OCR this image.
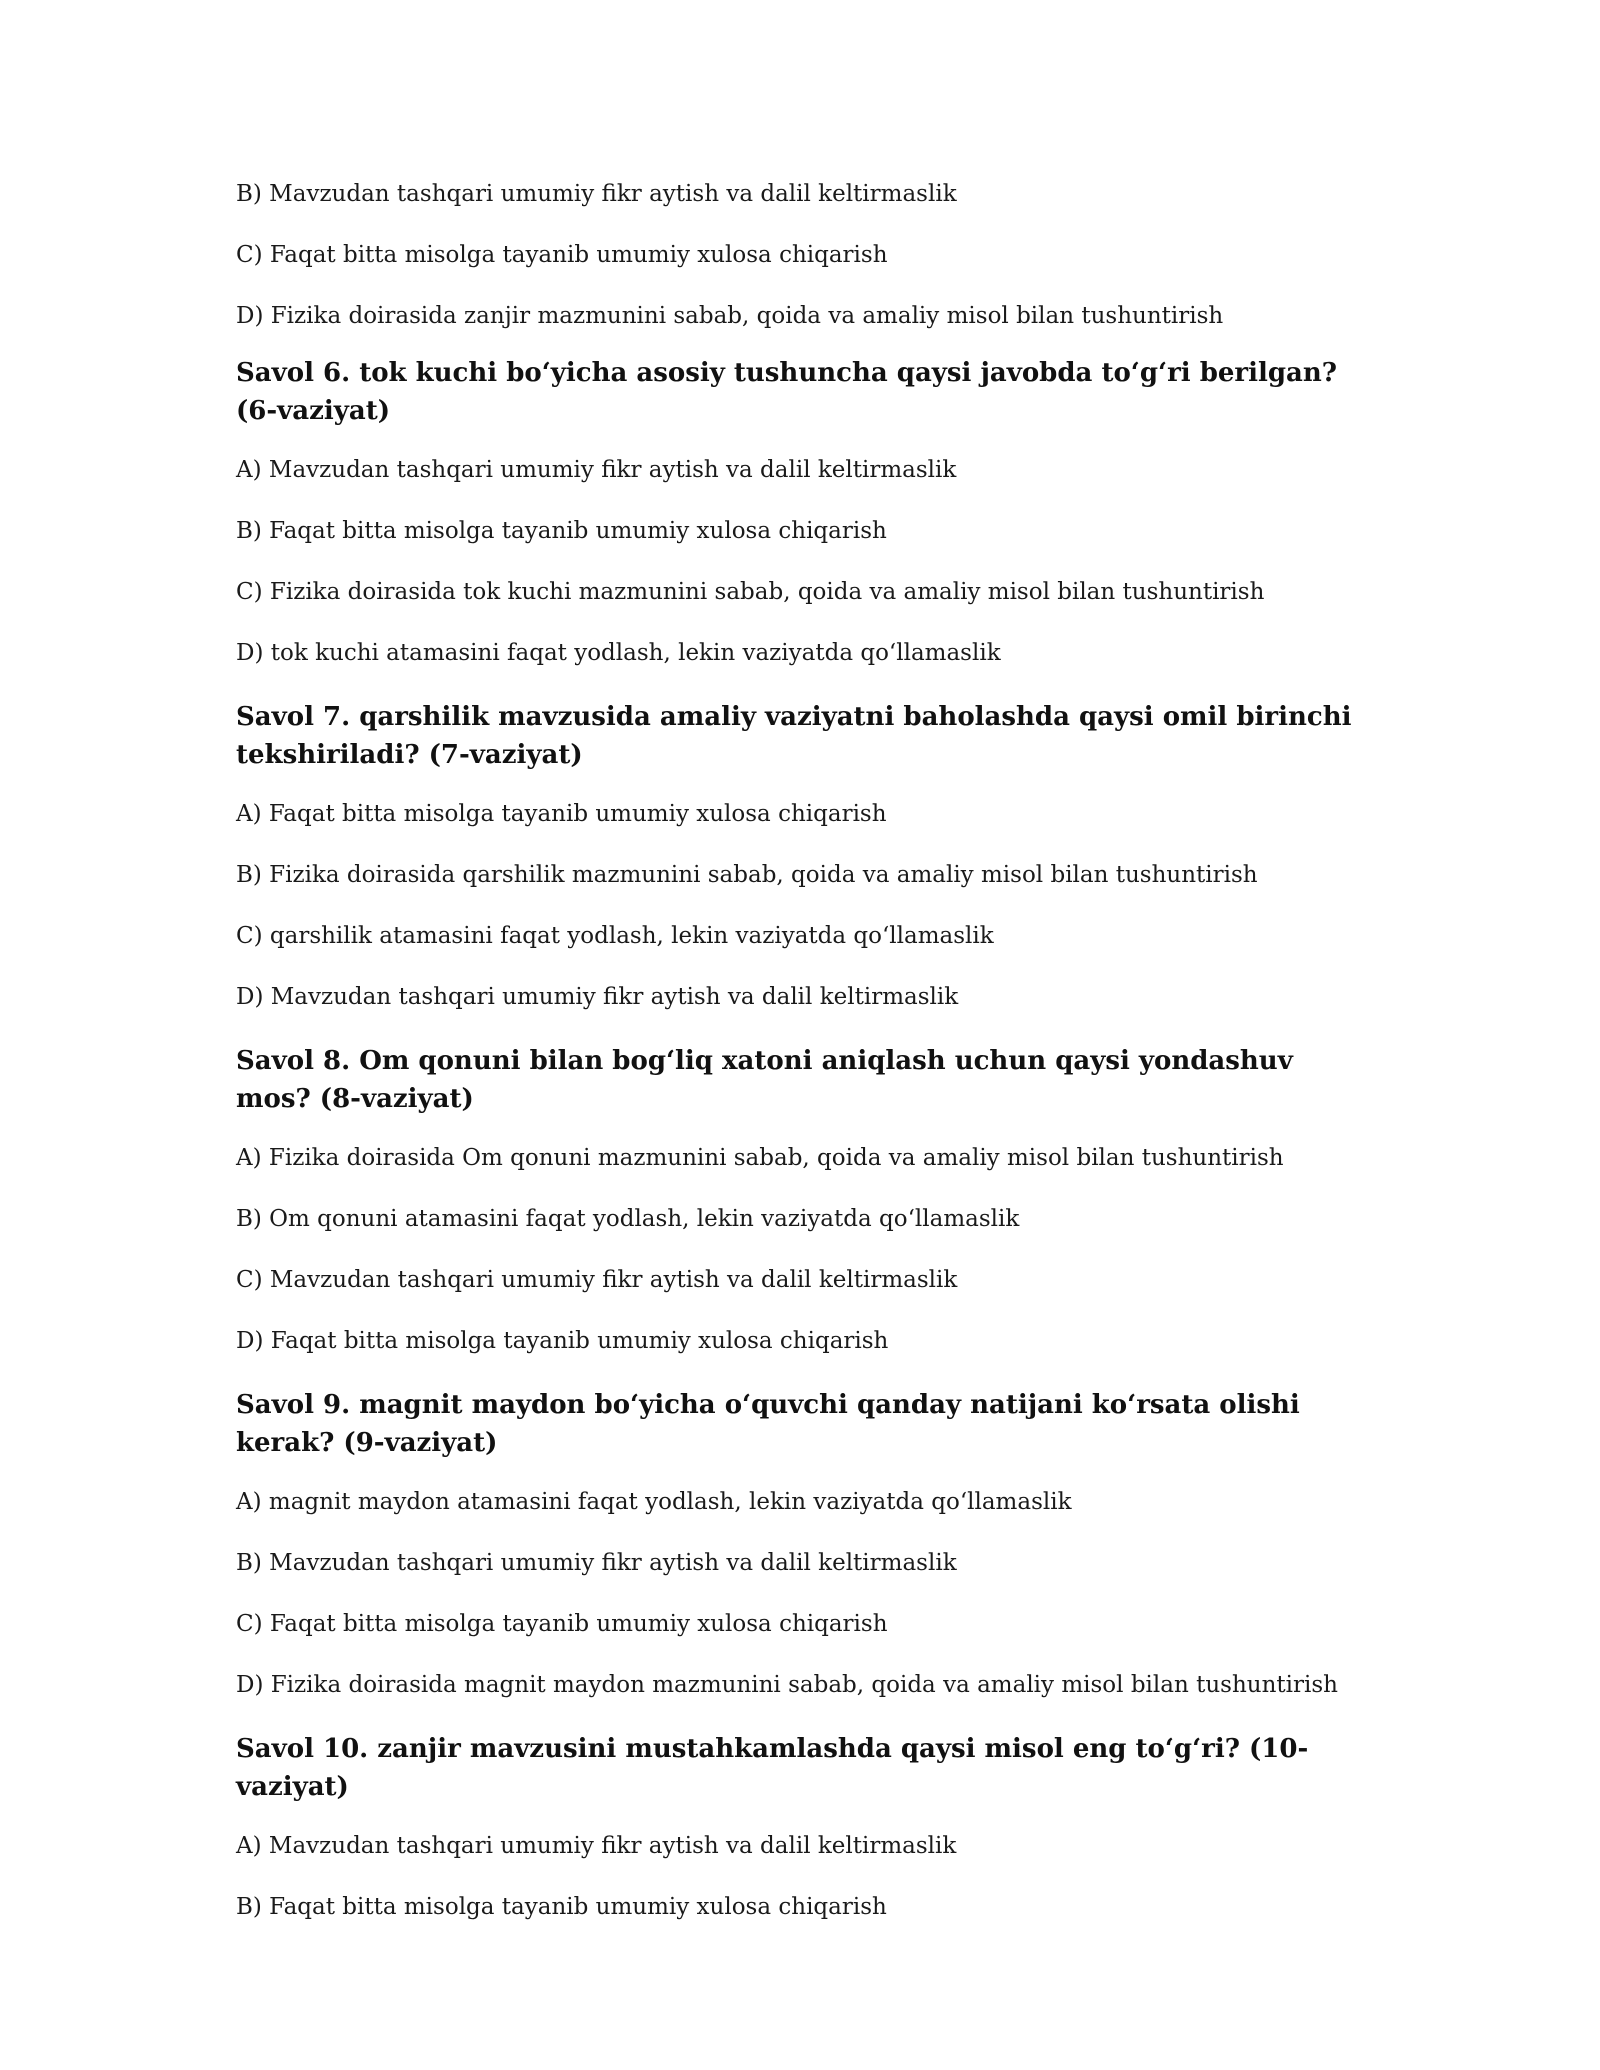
B) Mavzudan tashqari umumiy fikr aytish va dalil keltirmaslik

C) Faqat bitta misolga tayanib umumiy xulosa chiqarish

D) Fizika doirasida zanjir mazmunini sabab, qoida va amaliy misol bilan tushuntirish

Savol 6. tok kuchi bo‘yicha asosiy tushuncha qaysi javobda to‘g‘ri berilgan? (6-vaziyat)

A) Mavzudan tashqari umumiy fikr aytish va dalil keltirmaslik

B) Faqat bitta misolga tayanib umumiy xulosa chiqarish

C) Fizika doirasida tok kuchi mazmunini sabab, qoida va amaliy misol bilan tushuntirish

D) tok kuchi atamasini faqat yodlash, lekin vaziyatda qo‘llamaslik

Savol 7. qarshilik mavzusida amaliy vaziyatni baholashda qaysi omil birinchi tekshiriladi? (7-vaziyat)

A) Faqat bitta misolga tayanib umumiy xulosa chiqarish

B) Fizika doirasida qarshilik mazmunini sabab, qoida va amaliy misol bilan tushuntirish

C) qarshilik atamasini faqat yodlash, lekin vaziyatda qo‘llamaslik

D) Mavzudan tashqari umumiy fikr aytish va dalil keltirmaslik

Savol 8. Om qonuni bilan bog‘liq xatoni aniqlash uchun qaysi yondashuv mos? (8-vaziyat)

A) Fizika doirasida Om qonuni mazmunini sabab, qoida va amaliy misol bilan tushuntirish

B) Om qonuni atamasini faqat yodlash, lekin vaziyatda qo‘llamaslik

C) Mavzudan tashqari umumiy fikr aytish va dalil keltirmaslik

D) Faqat bitta misolga tayanib umumiy xulosa chiqarish

Savol 9. magnit maydon bo‘yicha o‘quvchi qanday natijani ko‘rsata olishi kerak? (9-vaziyat)

A) magnit maydon atamasini faqat yodlash, lekin vaziyatda qo‘llamaslik

B) Mavzudan tashqari umumiy fikr aytish va dalil keltirmaslik

C) Faqat bitta misolga tayanib umumiy xulosa chiqarish

D) Fizika doirasida magnit maydon mazmunini sabab, qoida va amaliy misol bilan tushuntirish

Savol 10. zanjir mavzusini mustahkamlashda qaysi misol eng to‘g‘ri? (10-vaziyat)

A) Mavzudan tashqari umumiy fikr aytish va dalil keltirmaslik

B) Faqat bitta misolga tayanib umumiy xulosa chiqarish
